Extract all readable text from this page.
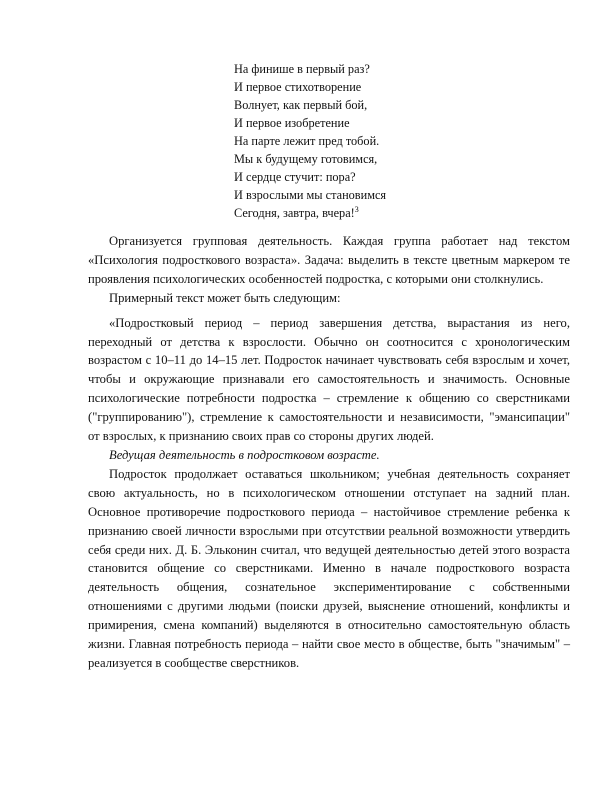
На финише в первый раз?
И первое стихотворение
Волнует, как первый бой,
И первое изобретение
На парте лежит пред тобой.
Мы к будущему готовимся,
И сердце стучит: пора?
И взрослыми мы становимся
Сегодня, завтра, вчера!$^3$

Организуется групповая деятельность. Каждая группа работает над текстом «Психология подросткового возраста». Задача: выделить в тексте цветным маркером те проявления психологических особенностей подростка, с которыми они столкнулись.

Примерный текст может быть следующим:

«Подростковый период – период завершения детства, вырастания из него, переходный от детства к взрослости. Обычно он соотносится с хронологическим возрастом с 10–11 до 14–15 лет. Подросток начинает чувствовать себя взрослым и хочет, чтобы и окружающие признавали его самостоятельность и значимость. Основные психологические потребности подростка – стремление к общению со сверстниками ("группированию"), стремление к самостоятельности и независимости, "эмансипации" от взрослых, к признанию своих прав со стороны других людей.

Ведущая деятельность в подростковом возрасте.

Подросток продолжает оставаться школьником; учебная деятельность сохраняет свою актуальность, но в психологическом отношении отступает на задний план. Основное противоречие подросткового периода – настойчивое стремление ребенка к признанию своей личности взрослыми при отсутствии реальной возможности утвердить себя среди них. Д. Б. Эльконин считал, что ведущей деятельностью детей этого возраста становится общение со сверстниками. Именно в начале подросткового возраста деятельность общения, сознательное экспериментирование с собственными отношениями с другими людьми (поиски друзей, выяснение отношений, конфликты и примирения, смена компаний) выделяются в относительно самостоятельную область жизни. Главная потребность периода – найти свое место в обществе, быть "значимым" – реализуется в сообществе сверстников.
